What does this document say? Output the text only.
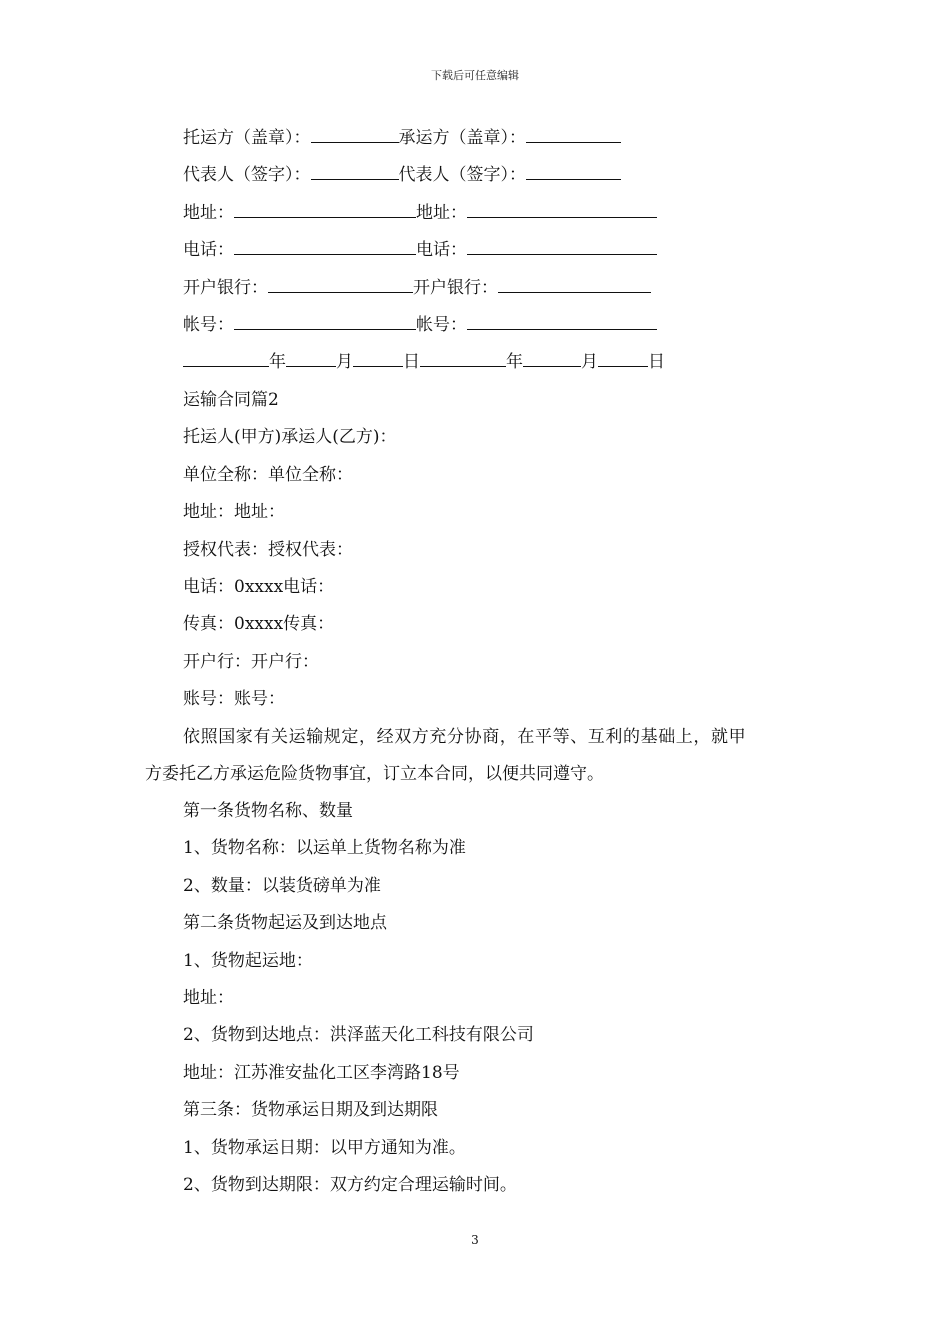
下载后可任意编辑
托运方（盖章）：	承运方（盖章）：
代表人（签字）：	代表人（签字）：
地址：	地址：
电话：	电话：
开户银行：	开户银行：
帐号：	帐号：
年	月	日	年	月	日
运输合同篇2
托运人(甲方)承运人(乙方)：
单位全称：单位全称：
地址：地址：
授权代表：授权代表：
电话：0xxxx电话：
传真：0xxxx传真：
开户行：开户行：
账号：账号：
依照国家有关运输规定，经双方充分协商，在平等、互利的基础上，就甲
方委托乙方承运危险货物事宜，订立本合同，以便共同遵守。
第一条货物名称、数量
1、货物名称：以运单上货物名称为准
2、数量：以装货磅单为准
第二条货物起运及到达地点
1、货物起运地：
地址：
2、货物到达地点：洪泽蓝天化工科技有限公司
地址：江苏淮安盐化工区李湾路18号
第三条：货物承运日期及到达期限
1、货物承运日期：以甲方通知为准。
2、货物到达期限：双方约定合理运输时间。
3
